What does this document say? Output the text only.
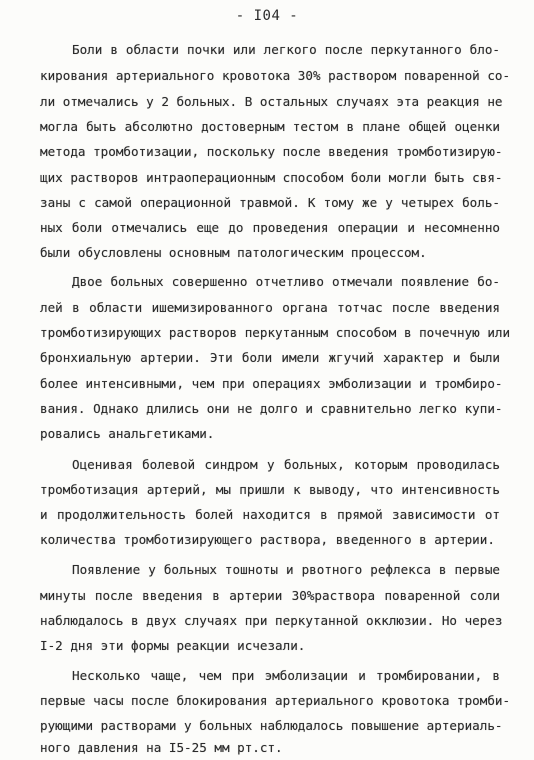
- I04 -
Боли в области почки или легкого после перкутанного бло-
кирования артериального кровотока 30% раствором поваренной со-
ли отмечались у 2 больных. В остальных случаях эта реакция не
могла быть абсолютно достоверным тестом в плане общей оценки
метода тромботизации, поскольку после введения тромботизирую-
щих растворов интраоперационным способом боли могли быть свя-
заны с самой операционной травмой. К тому же у четырех боль-
ных боли отмечались еще до проведения операции и несомненно
были обусловлены основным патологическим процессом.
Двое больных совершенно отчетливо отмечали появление бо-
лей в области ишемизированного органа тотчас после введения
тромботизирующих растворов перкутанным способом в почечную или
бронхиальную артерии. Эти боли имели жгучий характер и были
более интенсивными, чем при операциях эмболизации и тромбиро-
вания. Однако длились они не долго и сравнительно легко купи-
ровались анальгетиками.
Оценивая болевой синдром у больных, которым проводилась
тромботизация артерий, мы пришли к выводу, что интенсивность
и продолжительность болей находится в прямой зависимости от
количества тромботизирующего раствора, введенного в артерии.
Появление у больных тошноты и рвотного рефлекса в первые
минуты после введения в артерии 30%раствора поваренной соли
наблюдалось в двух случаях при перкутанной окклюзии. Но через
I-2 дня эти формы реакции исчезали.
Несколько чаще, чем при эмболизации и тромбировании, в
первые часы после блокирования артериального кровотока тромби-
рующими растворами у больных наблюдалось повышение артериаль-
ного давления на I5-25 мм рт.ст.
